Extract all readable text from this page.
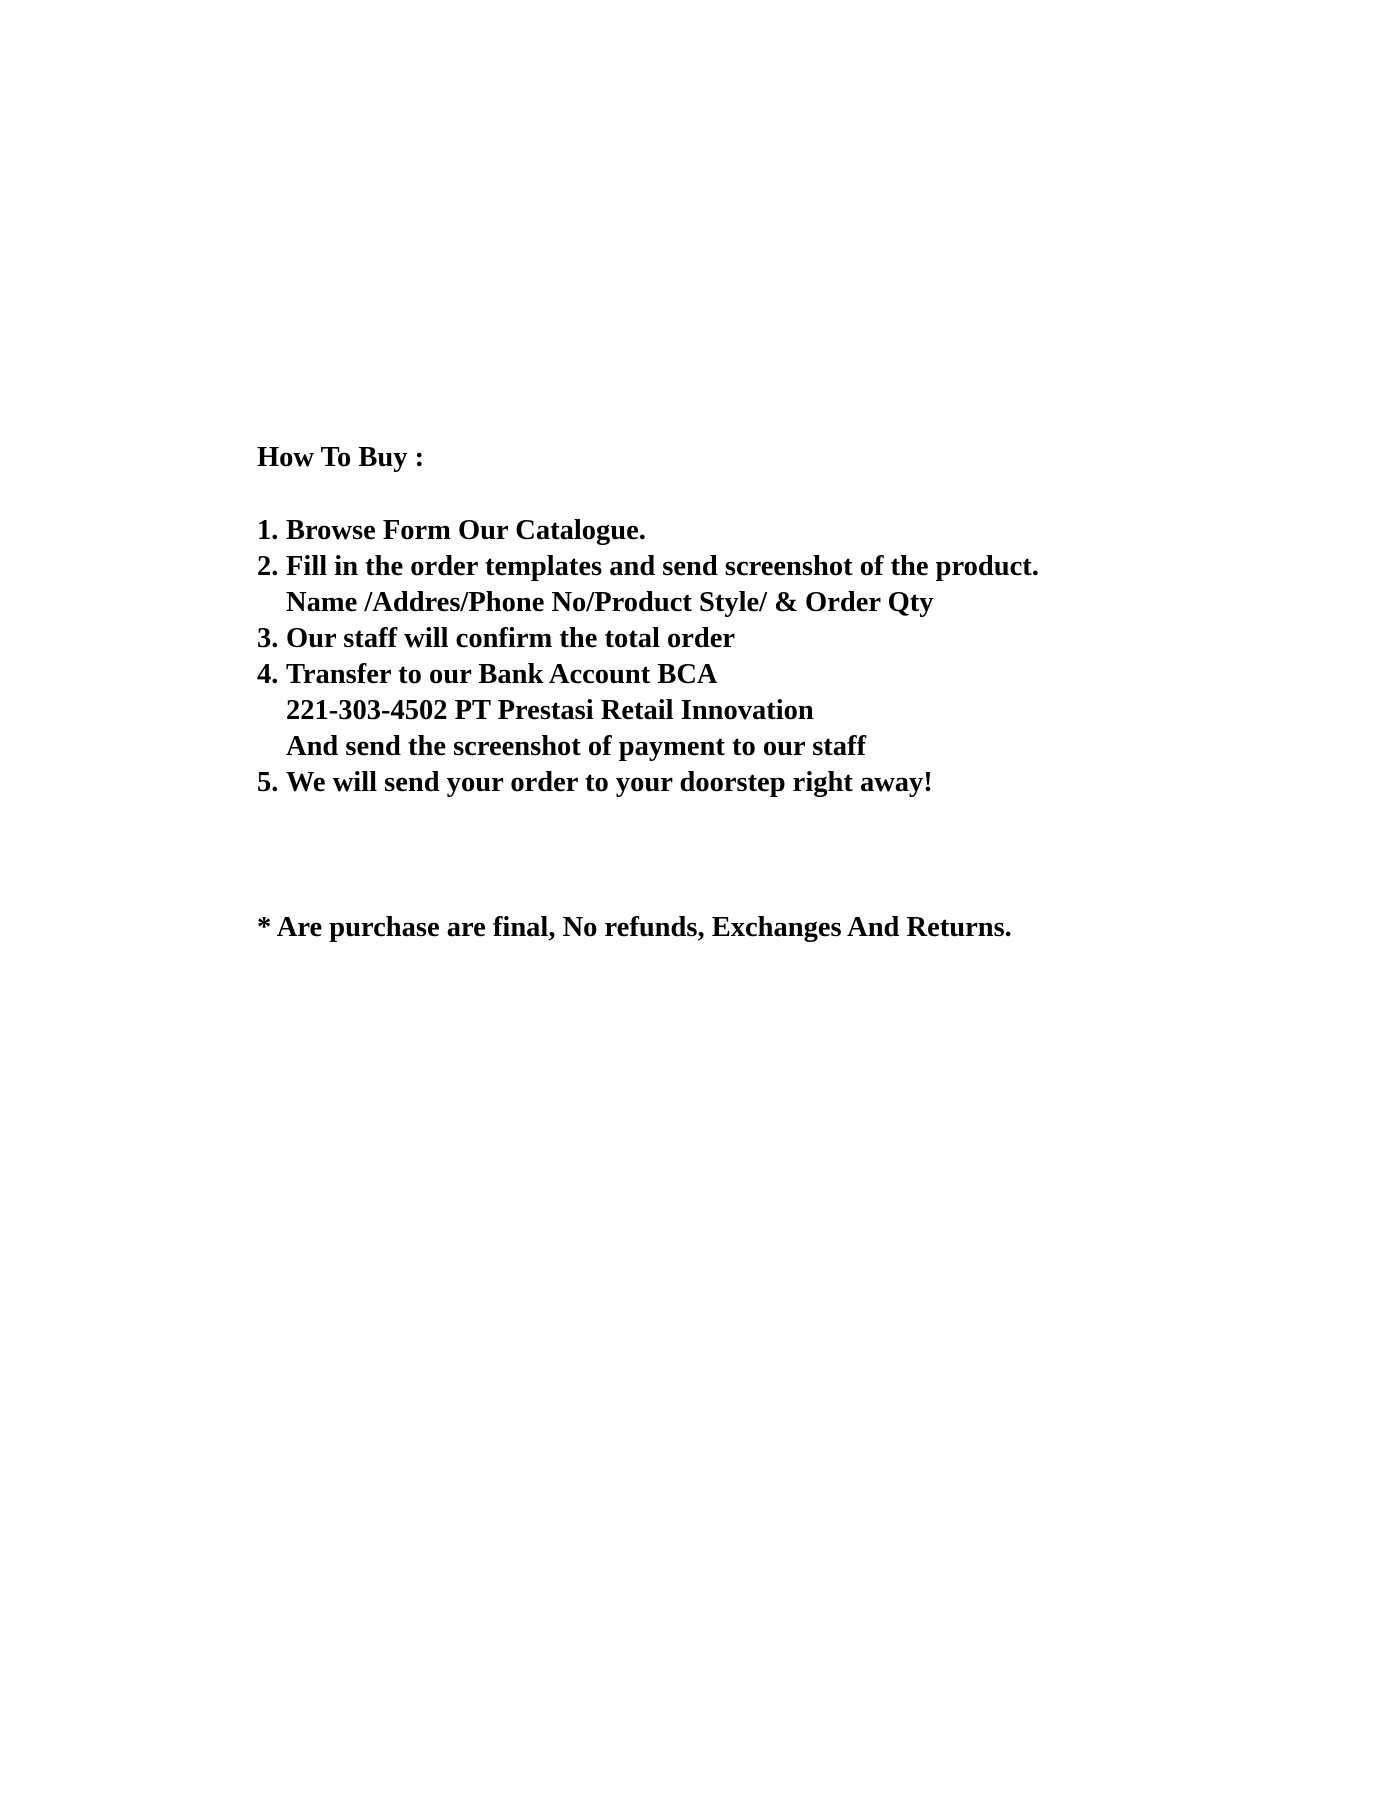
How To Buy :
1. Browse Form Our Catalogue.
2. Fill in the order templates and send screenshot of the product.
Name /Addres/Phone No/Product Style/ & Order Qty
3. Our staff will confirm the total order
4. Transfer to our Bank Account BCA
221-303-4502 PT Prestasi Retail Innovation
And send the screenshot of payment to our staff
5. We will send your order to your doorstep right away!
* Are purchase are final, No refunds, Exchanges And Returns.
